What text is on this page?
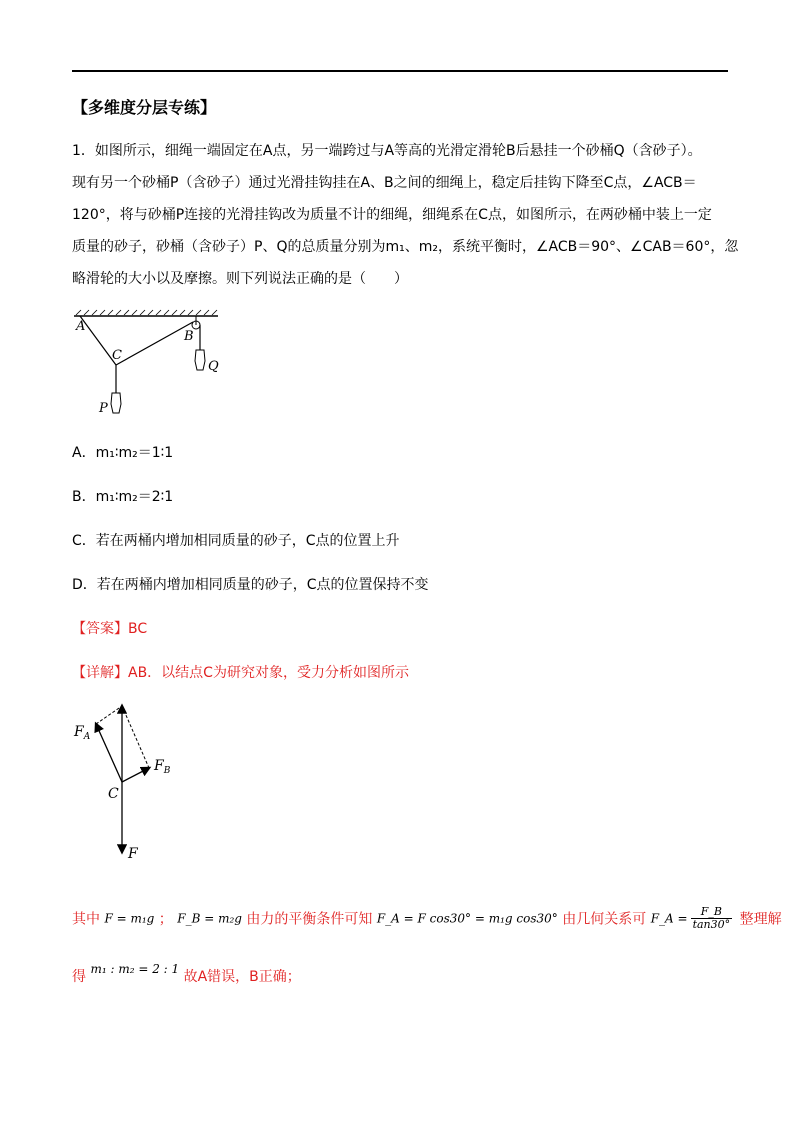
【多维度分层专练】
1．如图所示，细绳一端固定在A点，另一端跨过与A等高的光滑定滑轮B后悬挂一个砂桶Q（含砂子）。
现有另一个砂桶P（含砂子）通过光滑挂钩挂在A、B之间的细绳上，稳定后挂钩下降至C点，∠ACB＝
120°，将与砂桶P连接的光滑挂钩改为质量不计的细绳，细绳系在C点，如图所示，在两砂桶中装上一定
质量的砂子，砂桶（含砂子）P、Q的总质量分别为m₁、m₂，系统平衡时，∠ACB＝90°、∠CAB＝60°，忽
略滑轮的大小以及摩擦。则下列说法正确的是（　　）
A
B
C
P
Q
A．m₁∶m₂＝1∶1
B．m₁∶m₂＝2∶1
C．若在两桶内增加相同质量的砂子，C点的位置上升
D．若在两桶内增加相同质量的砂子，C点的位置保持不变
【答案】BC
【详解】AB．以结点C为研究对象，受力分析如图所示
$F_A$
$F_B$
C
F
其中 F = m₁g ； F_B = m₂g 由力的平衡条件可知 F_A = F cos30° = m₁g cos30° 由几何关系可 F_A = $\frac{F\_B}{\tan 30^\circ}$ 整理解
得 m₁ : m₂ = 2 : 1 故A错误，B正确；
